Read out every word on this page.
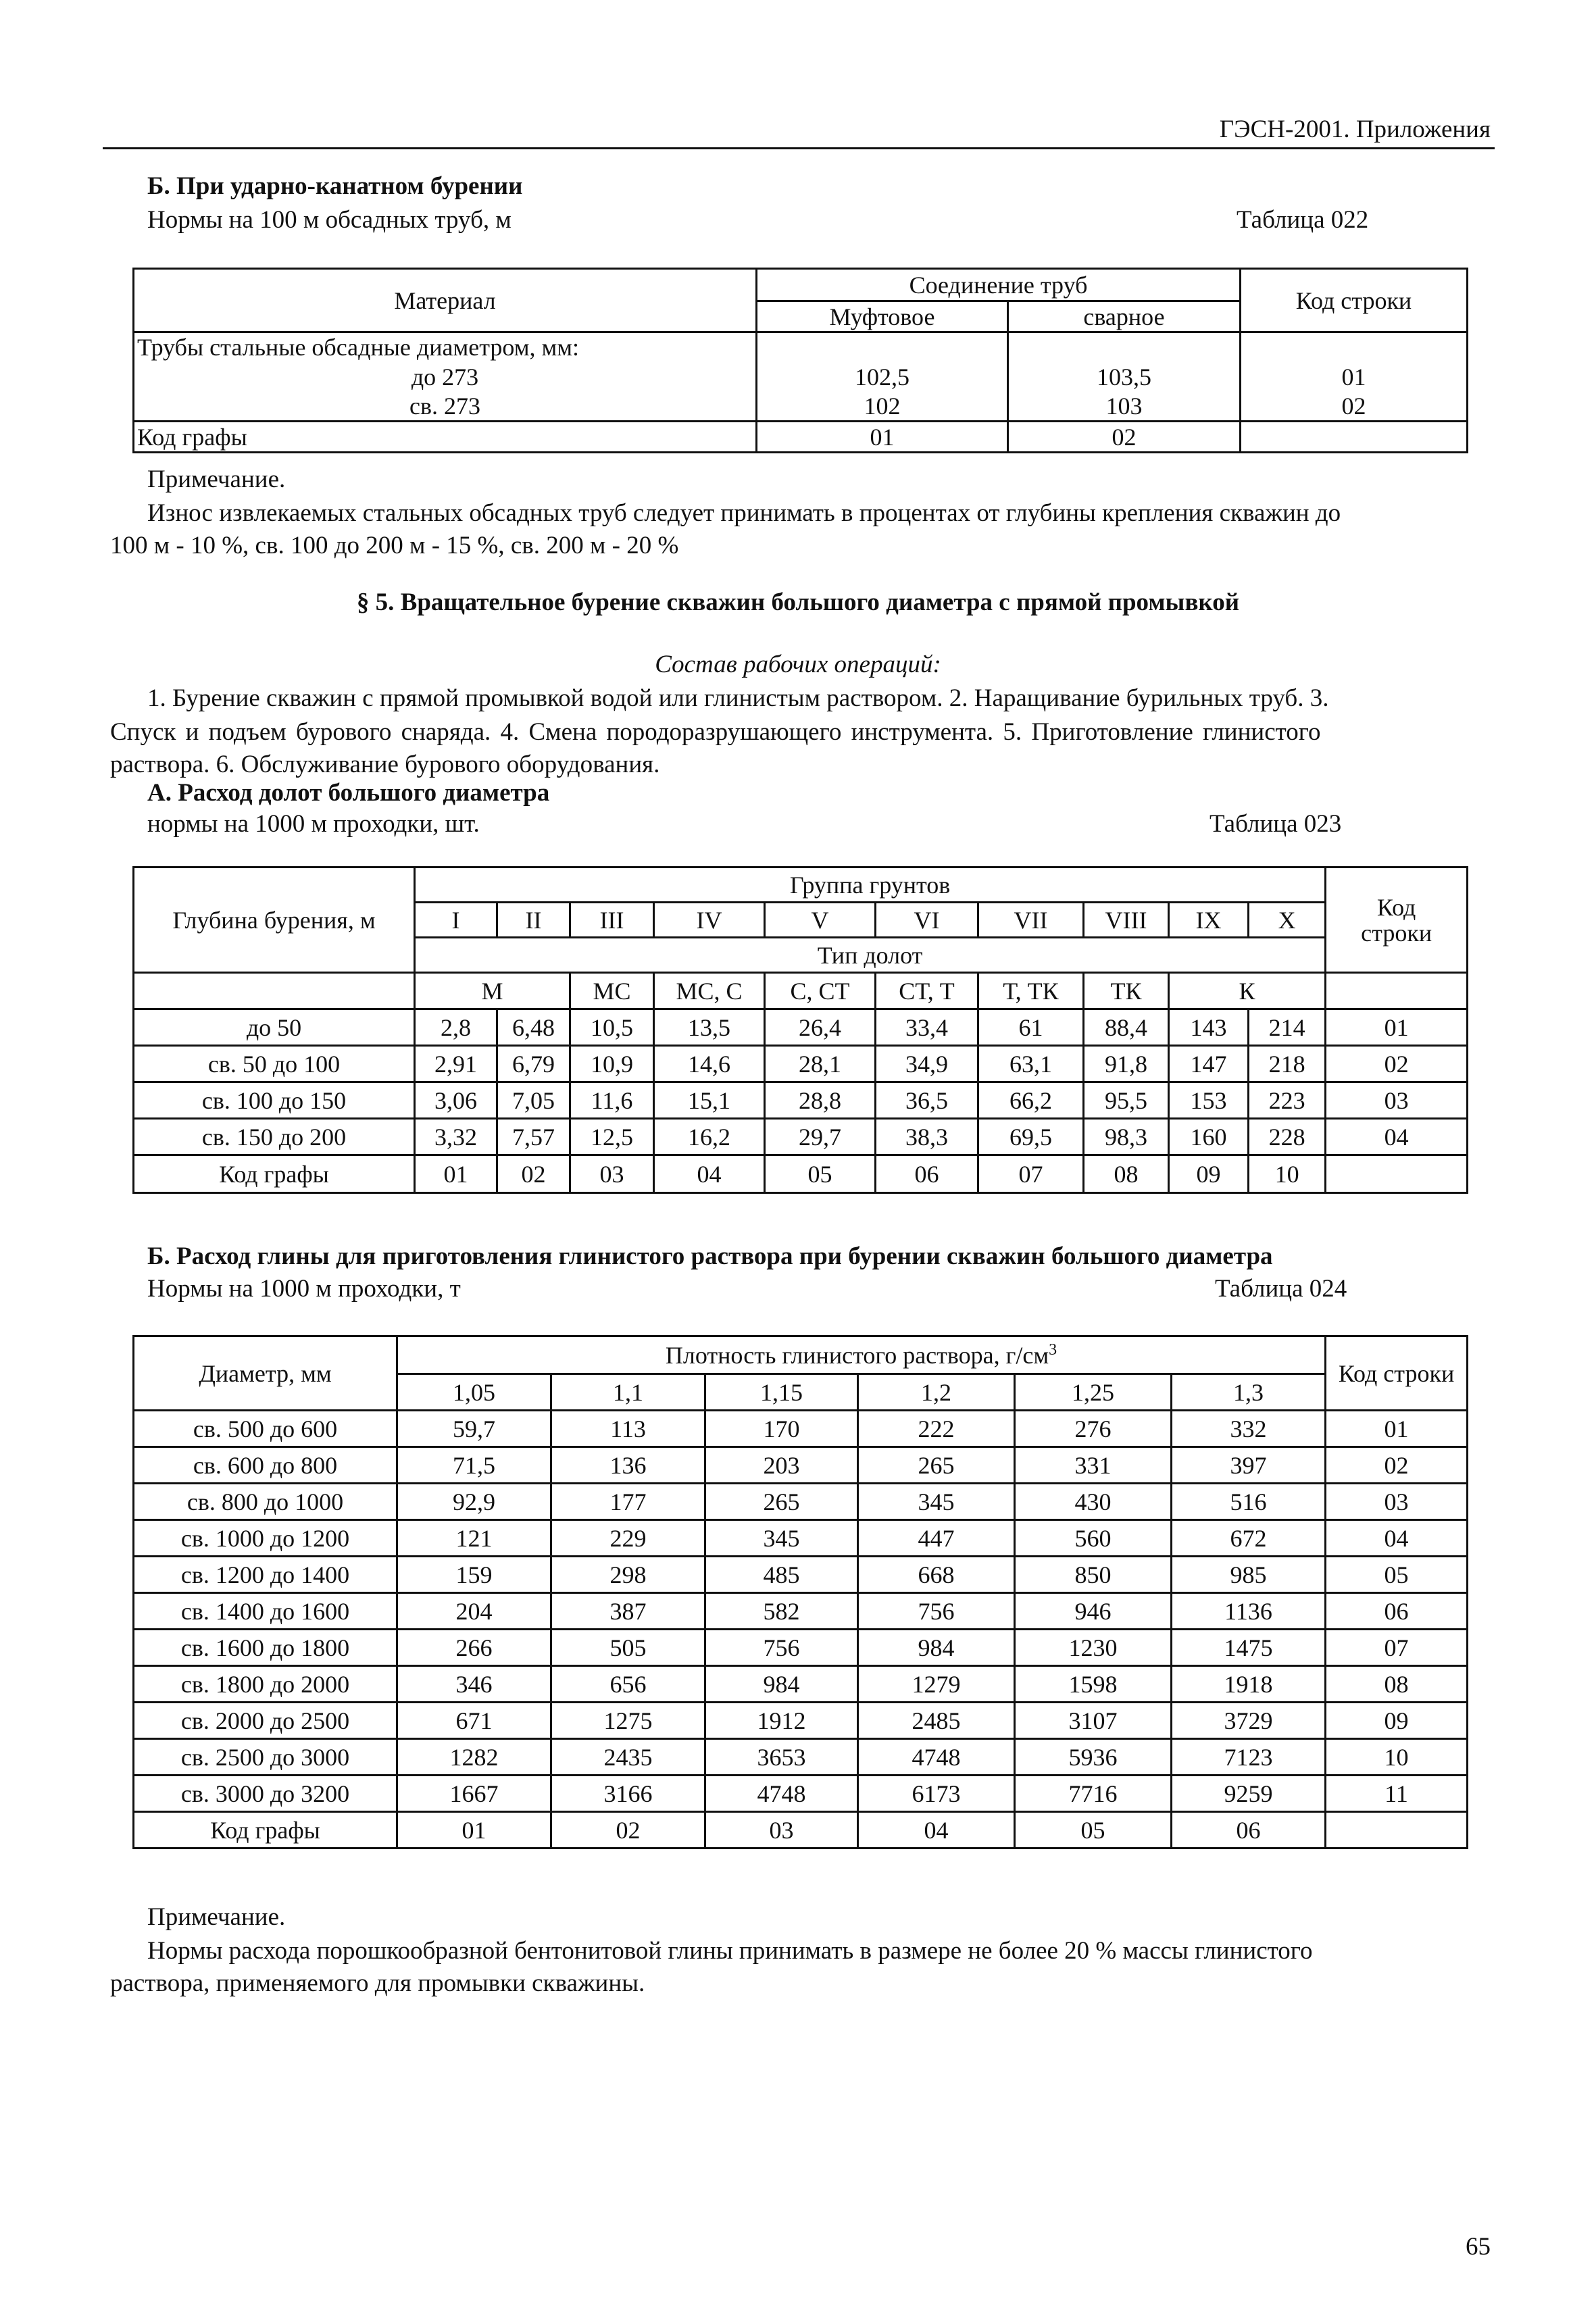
ГЭСН-2001. Приложения
Б. При ударно-канатном бурении
Нормы на 100 м обсадных труб, м	Таблица 022
Материал	Соединение труб		Код строки
	Муфтовое	сварное	
Трубы стальные обсадные диаметром, мм:			
до 273	102,5	103,5	01
св. 273	102	103	02
Код графы	01	02	
Примечание.
Износ извлекаемых стальных обсадных труб следует принимать в процентах от глубины крепления скважин до
100 м - 10 %, св. 100 до 200 м - 15 %, св. 200 м - 20 %
§ 5. Вращательное бурение скважин большого диаметра с прямой промывкой
Состав рабочих операций:
1. Бурение скважин с прямой промывкой водой или глинистым раствором. 2. Наращивание бурильных труб. 3.
Спуск и подъем бурового снаряда. 4. Смена породоразрушающего инструмента. 5. Приготовление глинистого
раствора. 6. Обслуживание бурового оборудования.
А. Расход долот большого диаметра
нормы на 1000 м проходки, шт.	Таблица 023
Глубина бурения, м	Группа грунтов										Код
строки

	I	II	III	IV	V	VI	VII	VIII	IX	X	
	Тип долот										
	М		МС	МС, С	С, СТ	СТ, Т	Т, ТК	ТК	К		
до 50	2,8	6,48	10,5	13,5	26,4	33,4	61	88,4	143	214	01
св. 50 до 100	2,91	6,79	10,9	14,6	28,1	34,9	63,1	91,8	147	218	02
св. 100 до 150	3,06	7,05	11,6	15,1	28,8	36,5	66,2	95,5	153	223	03
св. 150 до 200	3,32	7,57	12,5	16,2	29,7	38,3	69,5	98,3	160	228	04
Код графы	01	02	03	04	05	06	07	08	09	10	
Б. Расход глины для приготовления глинистого раствора при бурении скважин большого диаметра
Нормы на 1000 м проходки, т	Таблица 024
Диаметр, мм	Плотность глинистого раствора, $г/см^3$						Код строки
	1,05	1,1	1,15	1,2	1,25	1,3	
св. 500 до 600	59,7	113	170	222	276	332	01
св. 600 до 800	71,5	136	203	265	331	397	02
св. 800 до 1000	92,9	177	265	345	430	516	03
св. 1000 до 1200	121	229	345	447	560	672	04
св. 1200 до 1400	159	298	485	668	850	985	05
св. 1400 до 1600	204	387	582	756	946	1136	06
св. 1600 до 1800	266	505	756	984	1230	1475	07
св. 1800 до 2000	346	656	984	1279	1598	1918	08
св. 2000 до 2500	671	1275	1912	2485	3107	3729	09
св. 2500 до 3000	1282	2435	3653	4748	5936	7123	10
св. 3000 до 3200	1667	3166	4748	6173	7716	9259	11
Код графы	01	02	03	04	05	06	
Примечание.
Нормы расхода порошкообразной бентонитовой глины принимать в размере не более 20 % массы глинистого
раствора, применяемого для промывки скважины.
65
